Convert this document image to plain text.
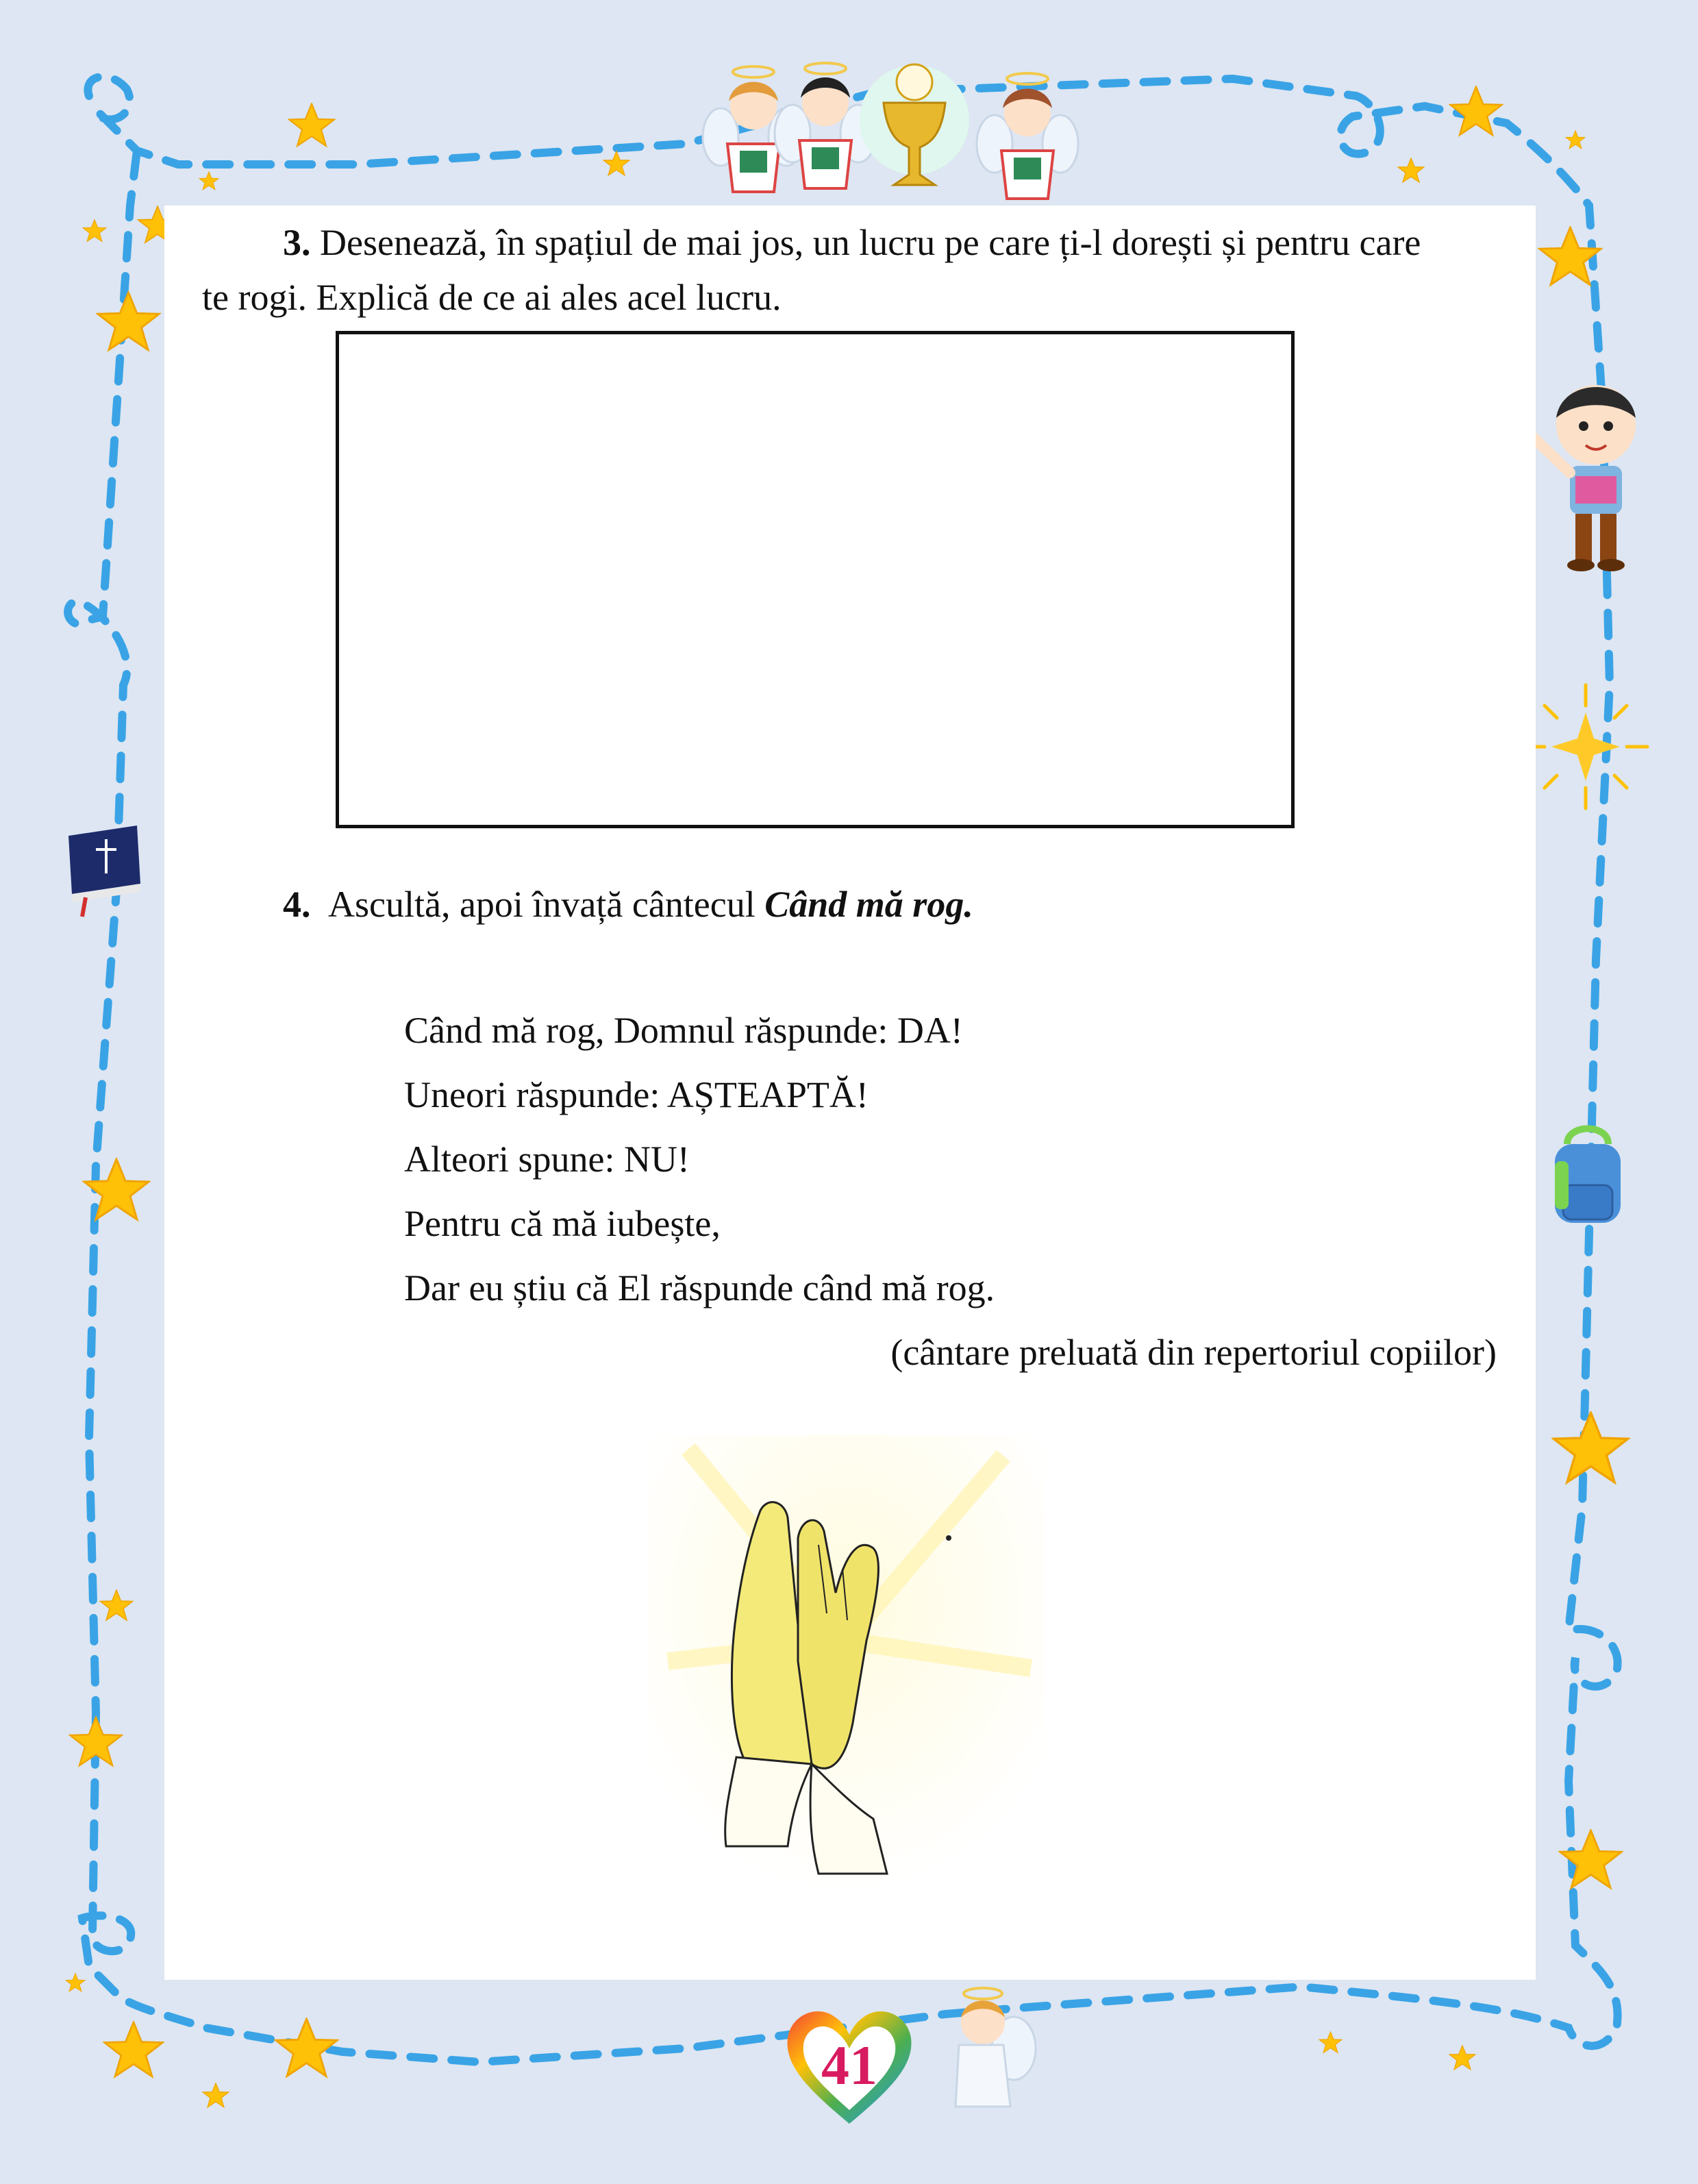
3. Desenează, în spațiul de mai jos, un lucru pe care ți-l dorești și pentru care
te rogi. Explică de ce ai ales acel lucru.
4. Ascultă, apoi învață cântecul Când mă rog.
Când mă rog, Domnul răspunde: DA!
Uneori răspunde: AȘTEAPTĂ!
Alteori spune: NU!
Pentru că mă iubește,
Dar eu știu că El răspunde când mă rog.
(cântare preluată din repertoriul copiilor)
41
